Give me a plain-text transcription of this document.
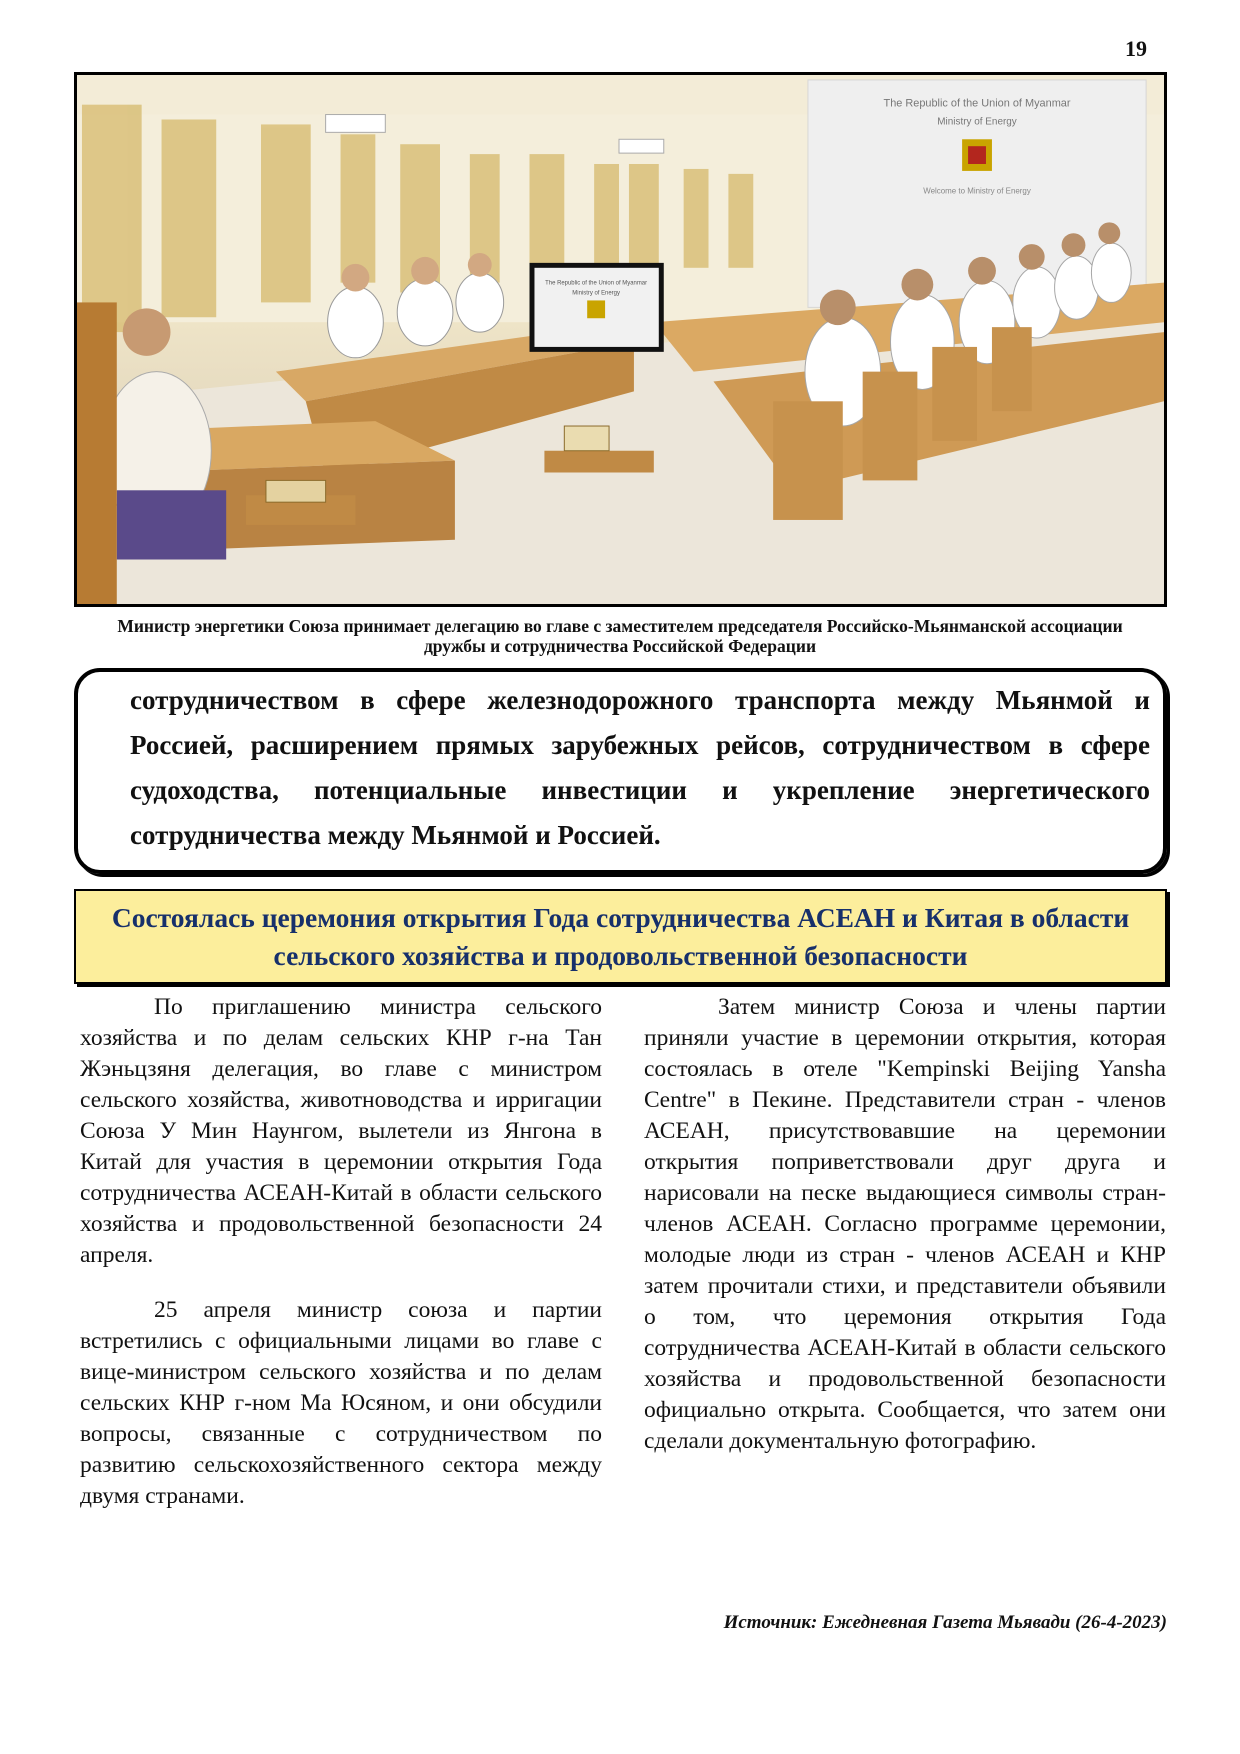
19
The Republic of the Union of Myanmar
Ministry of Energy
Welcome to Ministry of Energy
The Republic of the Union of Myanmar
Ministry of Energy
Министр энергетики Союза принимает делегацию во главе с заместителем председателя Российско-Мьянманской ассоциации дружбы и сотрудничества Российской Федерации
сотрудничеством в сфере железнодорожного транспорта между Мьянмой и Россией, расширением прямых зарубежных рейсов, сотрудничеством в сфере судоходства, потенциальные инвестиции и укрепление энергетического сотрудничества между Мьянмой и Россией.
Состоялась церемония открытия Года сотрудничества АСЕАН и Китая в области сельского хозяйства и продовольственной безопасности

По приглашению министра сельского хозяйства и по делам сельских КНР г-на Тан Жэньцзяня делегация, во главе с министром сельского хозяйства, животноводства и ирригации Союза У Мин Наунгом, вылетели из Янгона в Китай для участия в церемонии открытия Года сотрудничества АСЕАН-Китай в области сельского хозяйства и продовольственной безопасности 24 апреля.

25 апреля министр союза и партии встретились с официальными лицами во главе с вице-министром сельского хозяйства и по делам сельских КНР г-ном Ма Юсяном, и они обсудили вопросы, связанные с сотрудничеством по развитию сельскохозяйственного сектора между двумя странами.

Затем министр Союза и члены партии приняли участие в церемонии открытия, которая состоялась в отеле "Kempinski Beijing Yansha Centre" в Пекине. Представители стран - членов АСЕАН, присутствовавшие на церемонии открытия поприветствовали друг друга и нарисовали на песке выдающиеся символы стран-членов АСЕАН. Согласно программе церемонии, молодые люди из стран - членов АСЕАН и КНР затем прочитали стихи, и представители объявили о том, что церемония открытия Года сотрудничества АСЕАН-Китай в области сельского хозяйства и продовольственной безопасности официально открыта. Сообщается, что затем они сделали документальную фотографию.

Источник: Ежедневная Газета Мьявади (26-4-2023)
